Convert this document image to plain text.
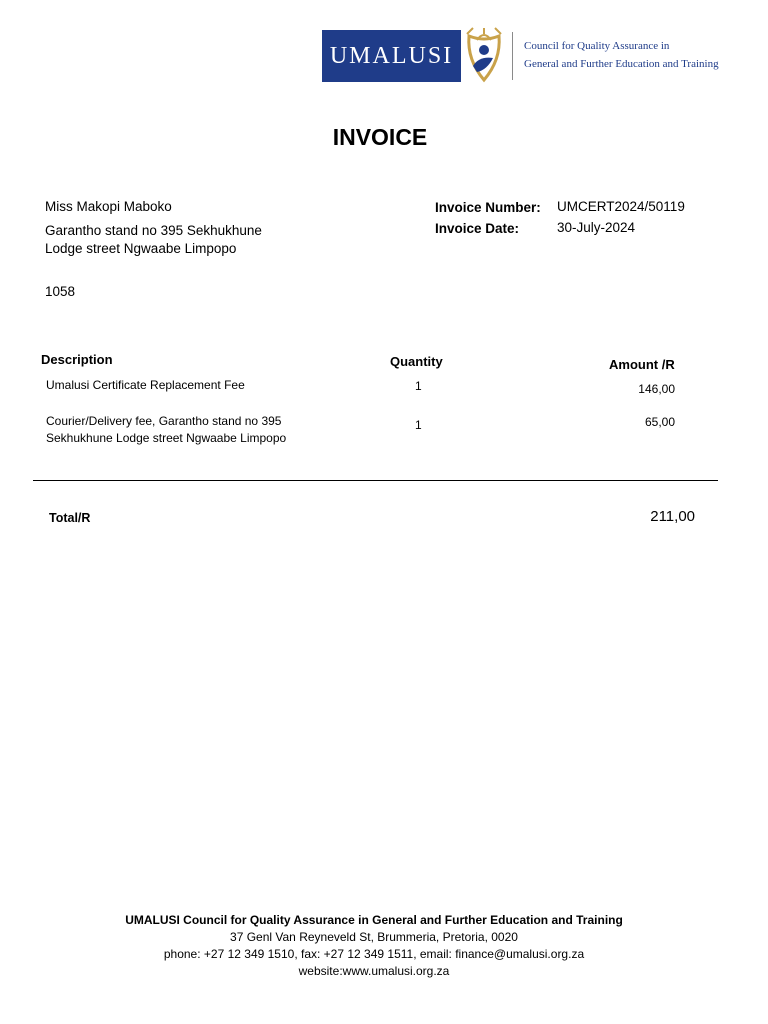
UMALUSI	Council for Quality Assurance in
General and Further Education and Training
INVOICE
Miss Makopi Maboko
Garantho stand no 395 Sekhukhune
Lodge street Ngwaabe Limpopo
1058
Invoice Number: UMCERT2024/50119
Invoice Date:	30-July-2024
Description	Quantity	Amount /R
Umalusi Certificate Replacement Fee	1	146,00
Courier/Delivery fee, Garantho stand no 395
Sekhukhune Lodge street Ngwaabe Limpopo
1	65,00
Total/R	211,00
UMALUSI Council for Quality Assurance in General and Further Education and Training
37 Genl Van Reyneveld St, Brummeria, Pretoria, 0020
phone: +27 12 349 1510, fax: +27 12 349 1511, email: finance@umalusi.org.za
website:www.umalusi.org.za
